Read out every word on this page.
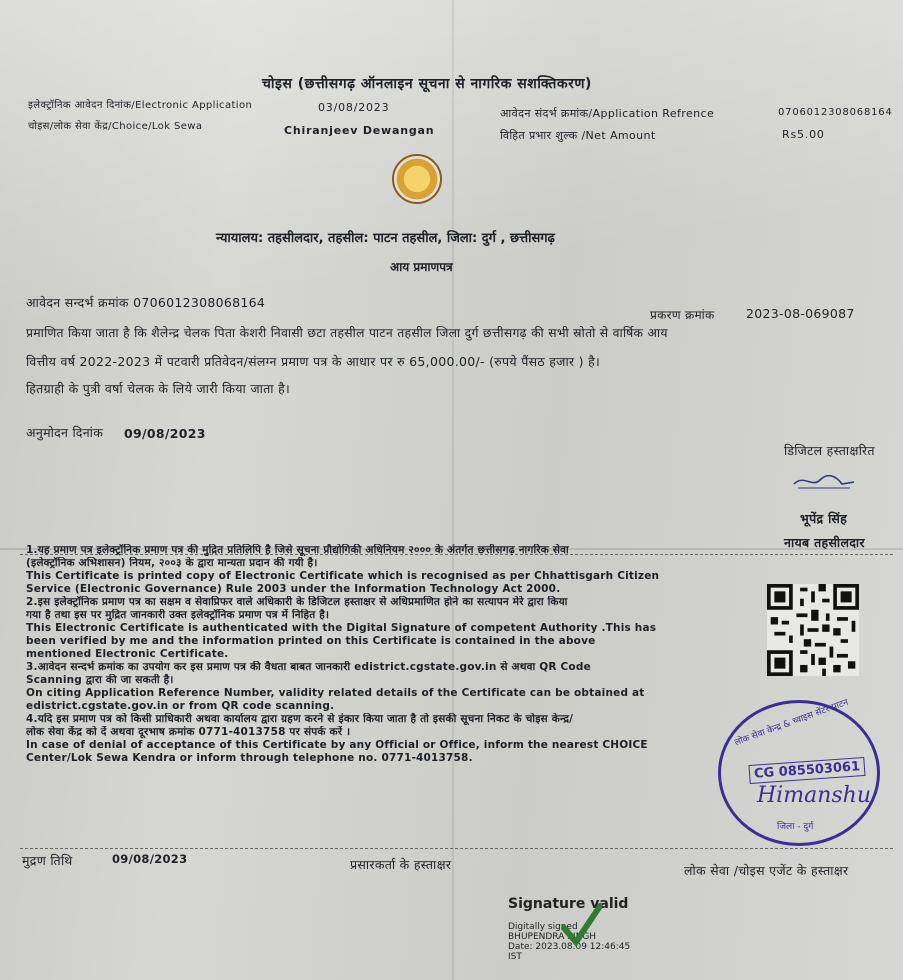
चोइस (छत्तीसगढ़ ऑनलाइन सूचना से नागरिक सशक्तिकरण)
इलेक्ट्रॉनिक आवेदन दिनांक/Electronic Application	03/08/2023
चोइस/लोक सेवा केंद्र/Choice/Lok Sewa	Chiranjeev Dewangan
आवेदन संदर्भ क्रमांक/Application Refrence	070601230806816​4
विहित प्रभार शुल्क /Net Amount	Rs5.00
न्यायालय: तहसीलदार, तहसील: पाटन तहसील, जिला: दुर्ग , छत्तीसगढ़
आय प्रमाणपत्र
आवेदन सन्दर्भ क्रमांक 0706012308068164
प्रकरण क्रमांक	2023-08-069087
प्रमाणित किया जाता है कि शैलेन्द्र चेलक पिता केशरी निवासी छटा तहसील पाटन तहसील जिला दुर्ग छत्तीसगढ़ की सभी स्रोतो से वार्षिक आय
वित्तीय वर्ष 2022-2023 में पटवारी प्रतिवेदन/संलग्न प्रमाण पत्र के आधार पर रु 65,000.00/- (रुपये पैंसठ हजार ) है।
हितग्राही के पुत्री वर्षा चेलक के लिये जारी किया जाता है।
अनुमोदन दिनांक 09/08/2023
डिजिटल हस्ताक्षरित
भूपेंद्र सिंह
नायब तहसीलदार
1.यह प्रमाण पत्र इलेक्ट्रॉनिक प्रमाण पत्र की मुद्रित प्रतिलिपि है जिसे सूचना प्रौद्योगिकी अधिनियम २००० के अंतर्गत छत्तीसगढ़ नागरिक सेवा
(इलेक्ट्रॉनिक अभिशासन) नियम, २००३ के द्वारा मान्यता प्रदान की गयी है।
This Certificate is printed copy of Electronic Certificate which is recognised as per Chhattisgarh Citizen
Service (Electronic Governance) Rule 2003 under the Information Technology Act 2000.
2.इस इलेक्ट्रॉनिक प्रमाण पत्र का सक्षम व सेवाप्रिफर वाले अधिकारी के डिजिटल हस्ताक्षर से अधिप्रमाणित होने का सत्यापन मेरे द्वारा किया
गया है तथा इस पर मुद्रित जानकारी उक्त इलेक्ट्रॉनिक प्रमाण पत्र में निहित है।
This Electronic Certificate is authenticated with the Digital Signature of competent Authority .This has
been verified by me and the information printed on this Certificate is contained in the above
mentioned Electronic Certificate.
3.आवेदन सन्दर्भ क्रमांक का उपयोग कर इस प्रमाण पत्र की वैधता बाबत जानकारी edistrict.cgstate.gov.in से अथवा QR Code
Scanning द्वारा की जा सकती है।
On citing Application Reference Number, validity related details of the Certificate can be obtained at
edistrict.cgstate.gov.in or from QR code scanning.
4.यदि इस प्रमाण पत्र को किसी प्राधिकारी अथवा कार्यालय द्वारा ग्रहण करने से इंकार किया जाता है तो इसकी सूचना निकट के चोइस केन्द्र/
लोक सेवा केंद्र को दें अथवा दूरभाष क्रमांक 0771-4013758 पर संपर्क करें ।
In case of denial of acceptance of this Certificate by any Official or Office, inform the nearest CHOICE
Center/Lok Sewa Kendra or inform through telephone no. 0771-4013758.
लोक सेवा केन्द्र & च्वाइस सेंटर पाटन
CG 085503061
Himanshu
जिला - दुर्ग
मुद्रण तिथि	09/08/2023	प्रसारकर्ता के हस्ताक्षर	लोक सेवा /चोइस एजेंट के हस्ताक्षर
Signature valid
Digitally signed
BHUPENDRA SINGH
Date: 2023.08.09 12:46:45
IST
